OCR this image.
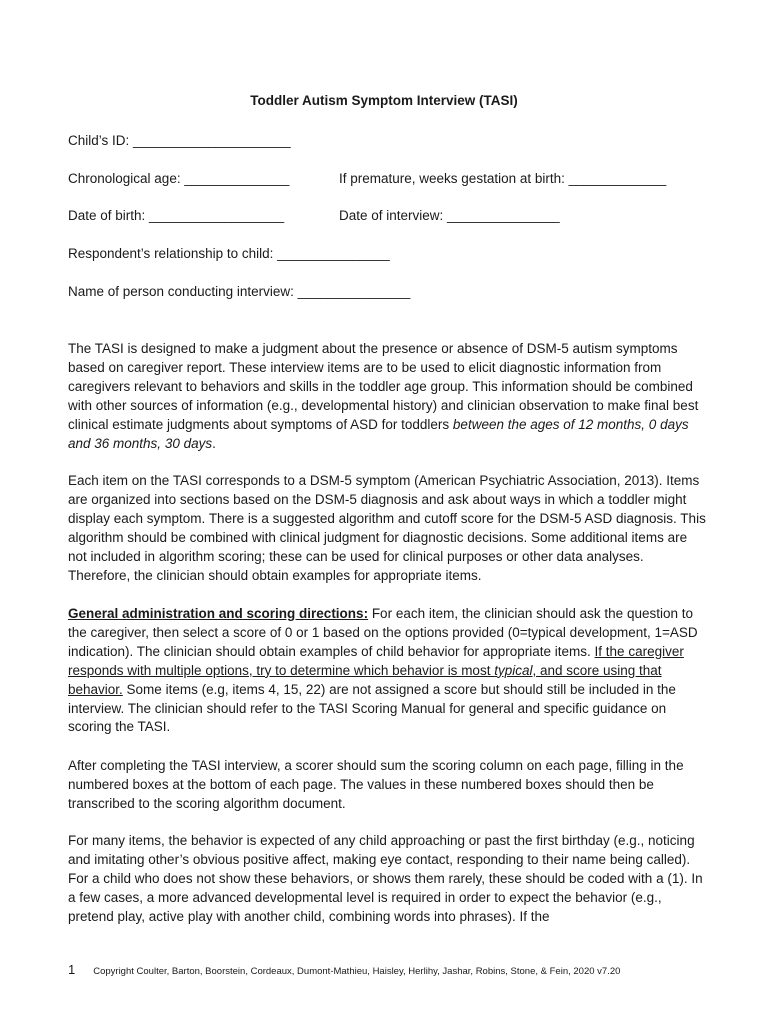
Toddler Autism Symptom Interview (TASI)
Child’s ID: _____________________
Chronological age: ______________	If premature, weeks gestation at birth: _____________
Date of birth: __________________	Date of interview: _______________
Respondent’s relationship to child: _______________
Name of person conducting interview: _______________

The TASI is designed to make a judgment about the presence or absence of DSM-5 autism symptoms based on caregiver report. These interview items are to be used to elicit diagnostic information from caregivers relevant to behaviors and skills in the toddler age group. This information should be combined with other sources of information (e.g., developmental history) and clinician observation to make final best clinical estimate judgments about symptoms of ASD for toddlers between the ages of 12 months, 0 days and 36 months, 30 days.

Each item on the TASI corresponds to a DSM-5 symptom (American Psychiatric Association, 2013). Items are organized into sections based on the DSM-5 diagnosis and ask about ways in which a toddler might display each symptom. There is a suggested algorithm and cutoff score for the DSM-5 ASD diagnosis. This algorithm should be combined with clinical judgment for diagnostic decisions. Some additional items are not included in algorithm scoring; these can be used for clinical purposes or other data analyses. Therefore, the clinician should obtain examples for appropriate items.

General administration and scoring directions: For each item, the clinician should ask the question to the caregiver, then select a score of 0 or 1 based on the options provided (0=typical development, 1=ASD indication). The clinician should obtain examples of child behavior for appropriate items. If the caregiver responds with multiple options, try to determine which behavior is most typical, and score using that behavior. Some items (e.g, items 4, 15, 22) are not assigned a score but should still be included in the interview. The clinician should refer to the TASI Scoring Manual for general and specific guidance on scoring the TASI.

After completing the TASI interview, a scorer should sum the scoring column on each page, filling in the numbered boxes at the bottom of each page. The values in these numbered boxes should then be transcribed to the scoring algorithm document.

For many items, the behavior is expected of any child approaching or past the first birthday (e.g., noticing and imitating other’s obvious positive affect, making eye contact, responding to their name being called). For a child who does not show these behaviors, or shows them rarely, these should be coded with a (1). In a few cases, a more advanced developmental level is required in order to expect the behavior (e.g., pretend play, active play with another child, combining words into phrases). If the

1 Copyright Coulter, Barton, Boorstein, Cordeaux, Dumont-Mathieu, Haisley, Herlihy, Jashar, Robins, Stone, & Fein, 2020 v7.20
